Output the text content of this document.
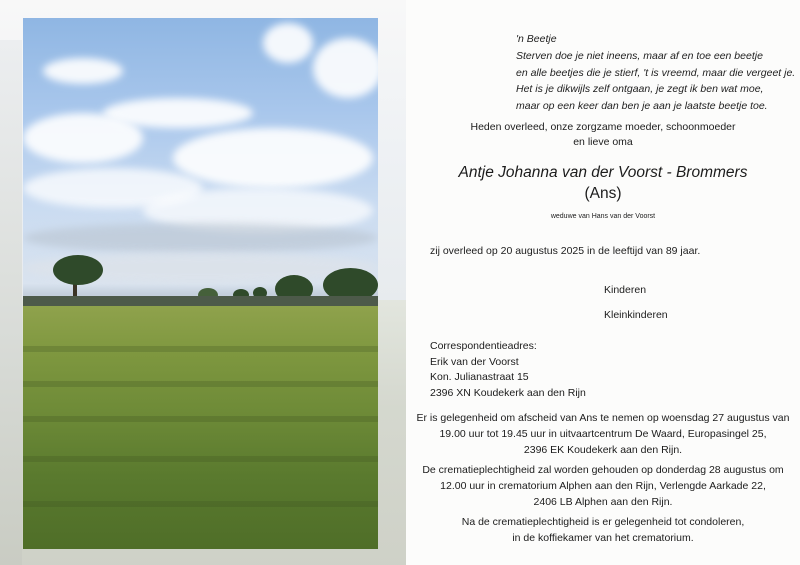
'n Beetje
Sterven doe je niet ineens, maar af en toe een beetje
en alle beetjes die je stierf, 't is vreemd, maar die vergeet je.
Het is je dikwijls zelf ontgaan, je zegt ik ben wat moe,
maar op een keer dan ben je aan je laatste beetje toe.
Heden overleed, onze zorgzame moeder, schoonmoeder
en lieve oma
Antje Johanna van der Voorst - Brommers
(Ans)
weduwe van Hans van der Voorst
zij overleed op 20 augustus 2025 in de leeftijd van 89 jaar.
Kinderen
Kleinkinderen
Correspondentieadres:
Erik van der Voorst
Kon. Julianastraat 15
2396 XN Koudekerk aan den Rijn
Er is gelegenheid om afscheid van Ans te nemen op woensdag 27 augustus van
19.00 uur tot 19.45 uur in uitvaartcentrum De Waard, Europasingel 25,
2396 EK Koudekerk aan den Rijn.
De crematieplechtigheid zal worden gehouden op donderdag 28 augustus om
12.00 uur in crematorium Alphen aan den Rijn, Verlengde Aarkade 22,
2406 LB Alphen aan den Rijn.
Na de crematieplechtigheid is er gelegenheid tot condoleren,
in de koffiekamer van het crematorium.
